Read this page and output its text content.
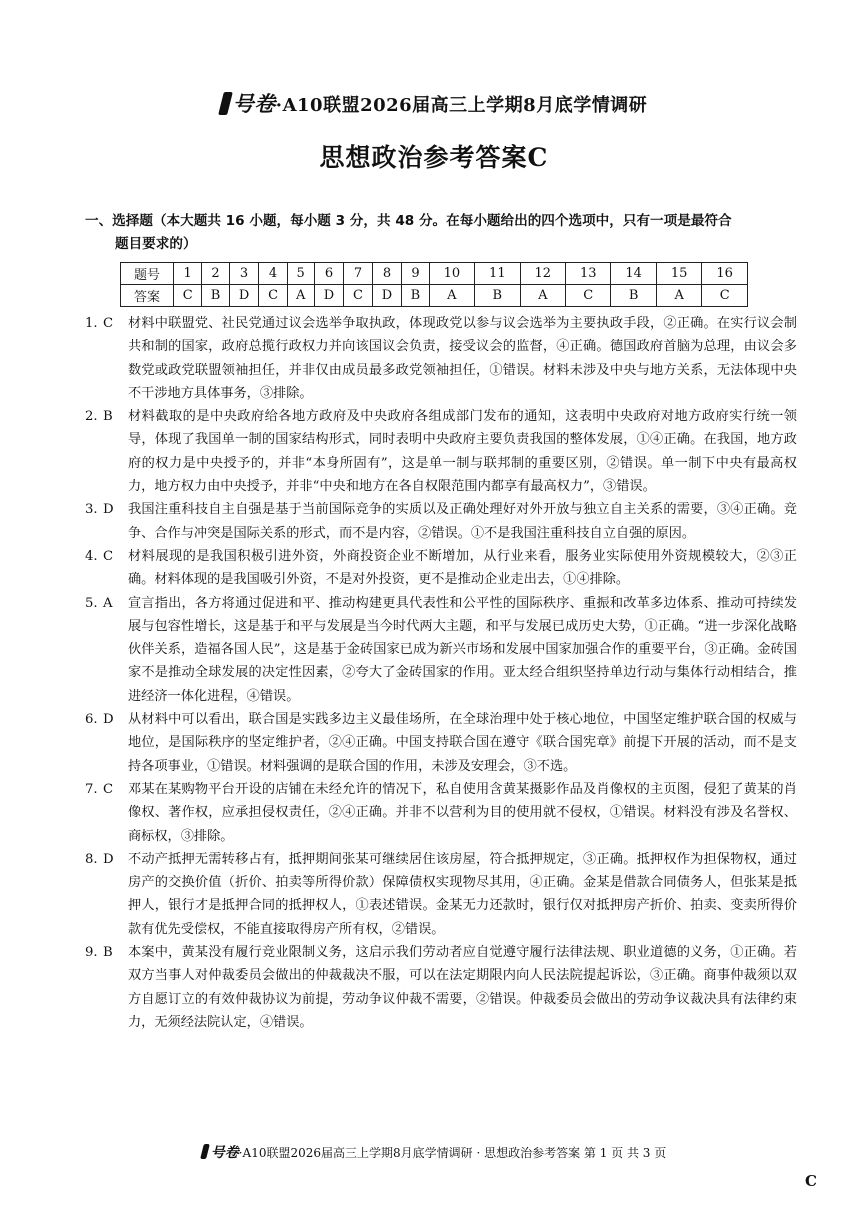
号卷·A10联盟2026届高三上学期8月底学情调研
思想政治参考答案C
一、选择题（本大题共 16 小题，每小题 3 分，共 48 分。在每小题给出的四个选项中，只有一项是最符合
题目要求的）
题号	1	2	3	4	5	6	7	8	9	10	11	12	13	14	15	16
答案	C	B	D	C	A	D	C	D	B	A	B	A	C	B	A	C
1. C	材料中联盟党、社民党通过议会选举争取执政，体现政党以参与议会选举为主要执政手段，②正确。在实行议会制共和制的国家，政府总揽行政权力并向该国议会负责，接受议会的监督，④正确。德国政府首脑为总理，由议会多数党或政党联盟领袖担任，并非仅由成员最多政党领袖担任，①错误。材料未涉及中央与地方关系，无法体现中央不干涉地方具体事务，③排除。

2. B	材料截取的是中央政府给各地方政府及中央政府各组成部门发布的通知，这表明中央政府对地方政府实行统一领导，体现了我国单一制的国家结构形式，同时表明中央政府主要负责我国的整体发展，①④正确。在我国，地方政府的权力是中央授予的，并非“本身所固有”，这是单一制与联邦制的重要区别，②错误。单一制下中央有最高权力，地方权力由中央授予，并非“中央和地方在各自权限范围内都享有最高权力”，③错误。

3. D	我国注重科技自主自强是基于当前国际竞争的实质以及正确处理好对外开放与独立自主关系的需要，③④正确。竞争、合作与冲突是国际关系的形式，而不是内容，②错误。①不是我国注重科技自立自强的原因。

4. C	材料展现的是我国积极引进外资，外商投资企业不断增加，从行业来看，服务业实际使用外资规模较大，②③正确。材料体现的是我国吸引外资，不是对外投资，更不是推动企业走出去，①④排除。

5. A	宣言指出，各方将通过促进和平、推动构建更具代表性和公平性的国际秩序、重振和改革多边体系、推动可持续发展与包容性增长，这是基于和平与发展是当今时代两大主题，和平与发展已成历史大势，①正确。“进一步深化战略伙伴关系，造福各国人民”，这是基于金砖国家已成为新兴市场和发展中国家加强合作的重要平台，③正确。金砖国家不是推动全球发展的决定性因素，②夸大了金砖国家的作用。亚太经合组织坚持单边行动与集体行动相结合，推进经济一体化进程，④错误。

6. D	从材料中可以看出，联合国是实践多边主义最佳场所，在全球治理中处于核心地位，中国坚定维护联合国的权威与地位，是国际秩序的坚定维护者，②④正确。中国支持联合国在遵守《联合国宪章》前提下开展的活动，而不是支持各项事业，①错误。材料强调的是联合国的作用，未涉及安理会，③不选。

7. C	邓某在某购物平台开设的店铺在未经允许的情况下，私自使用含黄某摄影作品及肖像权的主页图，侵犯了黄某的肖像权、著作权，应承担侵权责任，②④正确。并非不以营利为目的使用就不侵权，①错误。材料没有涉及名誉权、商标权，③排除。

8. D	不动产抵押无需转移占有，抵押期间张某可继续居住该房屋，符合抵押规定，③正确。抵押权作为担保物权，通过房产的交换价值（折价、拍卖等所得价款）保障债权实现物尽其用，④正确。金某是借款合同债务人，但张某是抵押人，银行才是抵押合同的抵押权人，①表述错误。金某无力还款时，银行仅对抵押房产折价、拍卖、变卖所得价款有优先受偿权，不能直接取得房产所有权，②错误。

9. B	本案中，黄某没有履行竞业限制义务，这启示我们劳动者应自觉遵守履行法律法规、职业道德的义务，①正确。若双方当事人对仲裁委员会做出的仲裁裁决不服，可以在法定期限内向人民法院提起诉讼，③正确。商事仲裁须以双方自愿订立的有效仲裁协议为前提，劳动争议仲裁不需要，②错误。仲裁委员会做出的劳动争议裁决具有法律约束力，无须经法院认定，④错误。

号卷·A10联盟2026届高三上学期8月底学情调研 · 思想政治参考答案 第 1 页 共 3 页
C
